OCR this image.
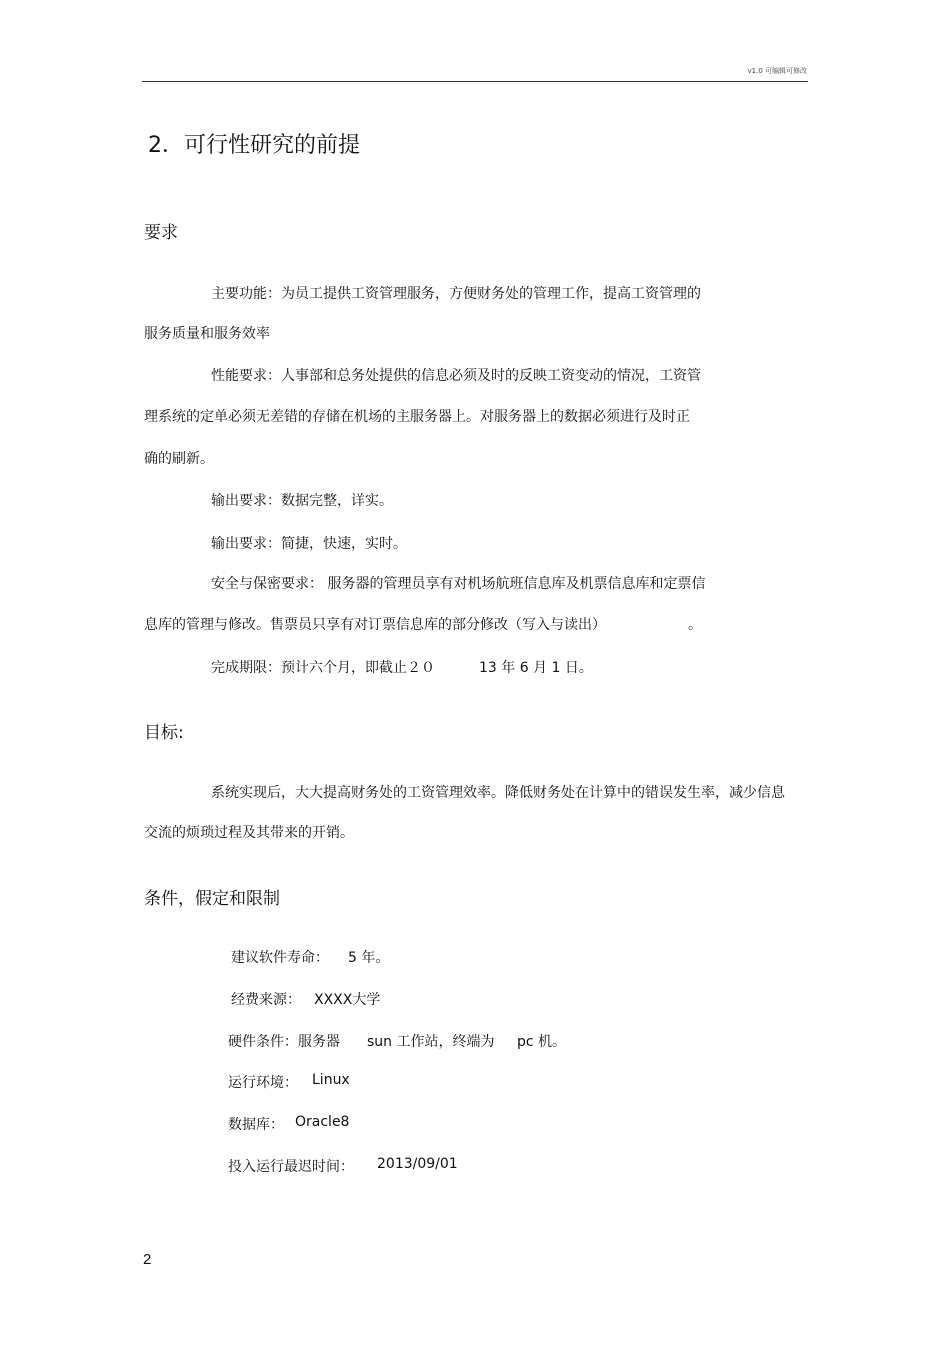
v1.0 可编辑可修改
2．可行性研究的前提
要求
主要功能：为员工提供工资管理服务，方便财务处的管理工作，提高工资管理的
服务质量和服务效率
性能要求：人事部和总务处提供的信息必须及时的反映工资变动的情况，工资管
理系统的定单必须无差错的存储在机场的主服务器上。对服务器上的数据必须进行及时正
确的刷新。
输出要求：数据完整，详实。
输出要求：简捷，快速，实时。
安全与保密要求： 服务器的管理员享有对机场航班信息库及机票信息库和定票信
息库的管理与修改。售票员只享有对订票信息库的部分修改（写入与读出）	。
完成期限：预计六个月，即截止２０	13 年 6 月 1 日。
目标:
系统实现后，大大提高财务处的工资管理效率。降低财务处在计算中的错误发生率，减少信息
交流的烦琐过程及其带来的开销。
条件，假定和限制
建议软件寿命： 5 年。
经费来源： XXXX大学
硬件条件：服务器 sun 工作站，终端为 pc 机。
运行环境： Linux
数据库： Oracle8
投入运行最迟时间： 2013/09/01
2
